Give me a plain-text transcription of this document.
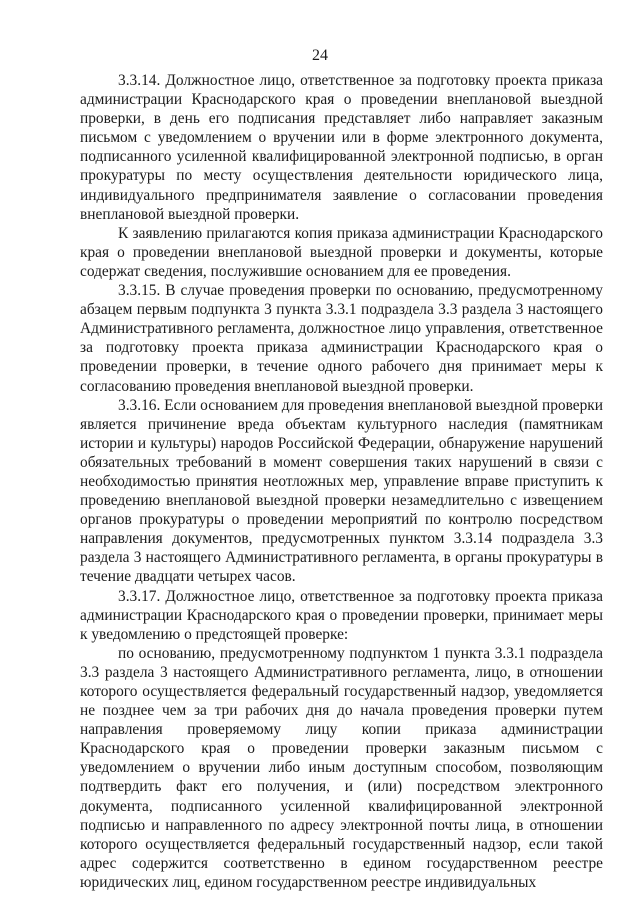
24

3.3.14. Должностное лицо, ответственное за подготовку проекта приказа администрации Краснодарского края о проведении внеплановой выездной проверки, в день его подписания представляет либо направляет заказным письмом с уведомлением о вручении или в форме электронного документа, подписанного усиленной квалифицированной электронной подписью, в орган прокуратуры по месту осуществления деятельности юридического лица, индивидуального предпринимателя заявление о согласовании проведения внеплановой выездной проверки.

К заявлению прилагаются копия приказа администрации Краснодарского края о проведении внеплановой выездной проверки и документы, которые содержат сведения, послужившие основанием для ее проведения.

3.3.15. В случае проведения проверки по основанию, предусмотренному абзацем первым подпункта 3 пункта 3.3.1 подраздела 3.3 раздела 3 настоящего Административного регламента, должностное лицо управления, ответственное за подготовку проекта приказа администрации Краснодарского края о проведении проверки, в течение одного рабочего дня принимает меры к согласованию проведения внеплановой выездной проверки.

3.3.16. Если основанием для проведения внеплановой выездной проверки является причинение вреда объектам культурного наследия (памятникам истории и культуры) народов Российской Федерации, обнаружение нарушений обязательных требований в момент совершения таких нарушений в связи с необходимостью принятия неотложных мер, управление вправе приступить к проведению внеплановой выездной проверки незамедлительно с извещением органов прокуратуры о проведении мероприятий по контролю посредством направления документов, предусмотренных пунктом 3.3.14 подраздела 3.3 раздела 3 настоящего Административного регламента, в органы прокуратуры в течение двадцати четырех часов.

3.3.17. Должностное лицо, ответственное за подготовку проекта приказа администрации Краснодарского края о проведении проверки, принимает меры к уведомлению о предстоящей проверке:

по основанию, предусмотренному подпунктом 1 пункта 3.3.1 подраздела 3.3 раздела 3 настоящего Административного регламента, лицо, в отношении которого осуществляется федеральный государственный надзор, уведомляется не позднее чем за три рабочих дня до начала проведения проверки путем направления проверяемому лицу копии приказа администрации Краснодарского края о проведении проверки заказным письмом с уведомлением о вручении либо иным доступным способом, позволяющим подтвердить факт его получения, и (или) посредством электронного документа, подписанного усиленной квалифицированной электронной подписью и направленного по адресу электронной почты лица, в отношении которого осуществляется федеральный государственный надзор, если такой адрес содержится соответственно в едином государственном реестре юридических лиц, едином государственном реестре индивидуальных
